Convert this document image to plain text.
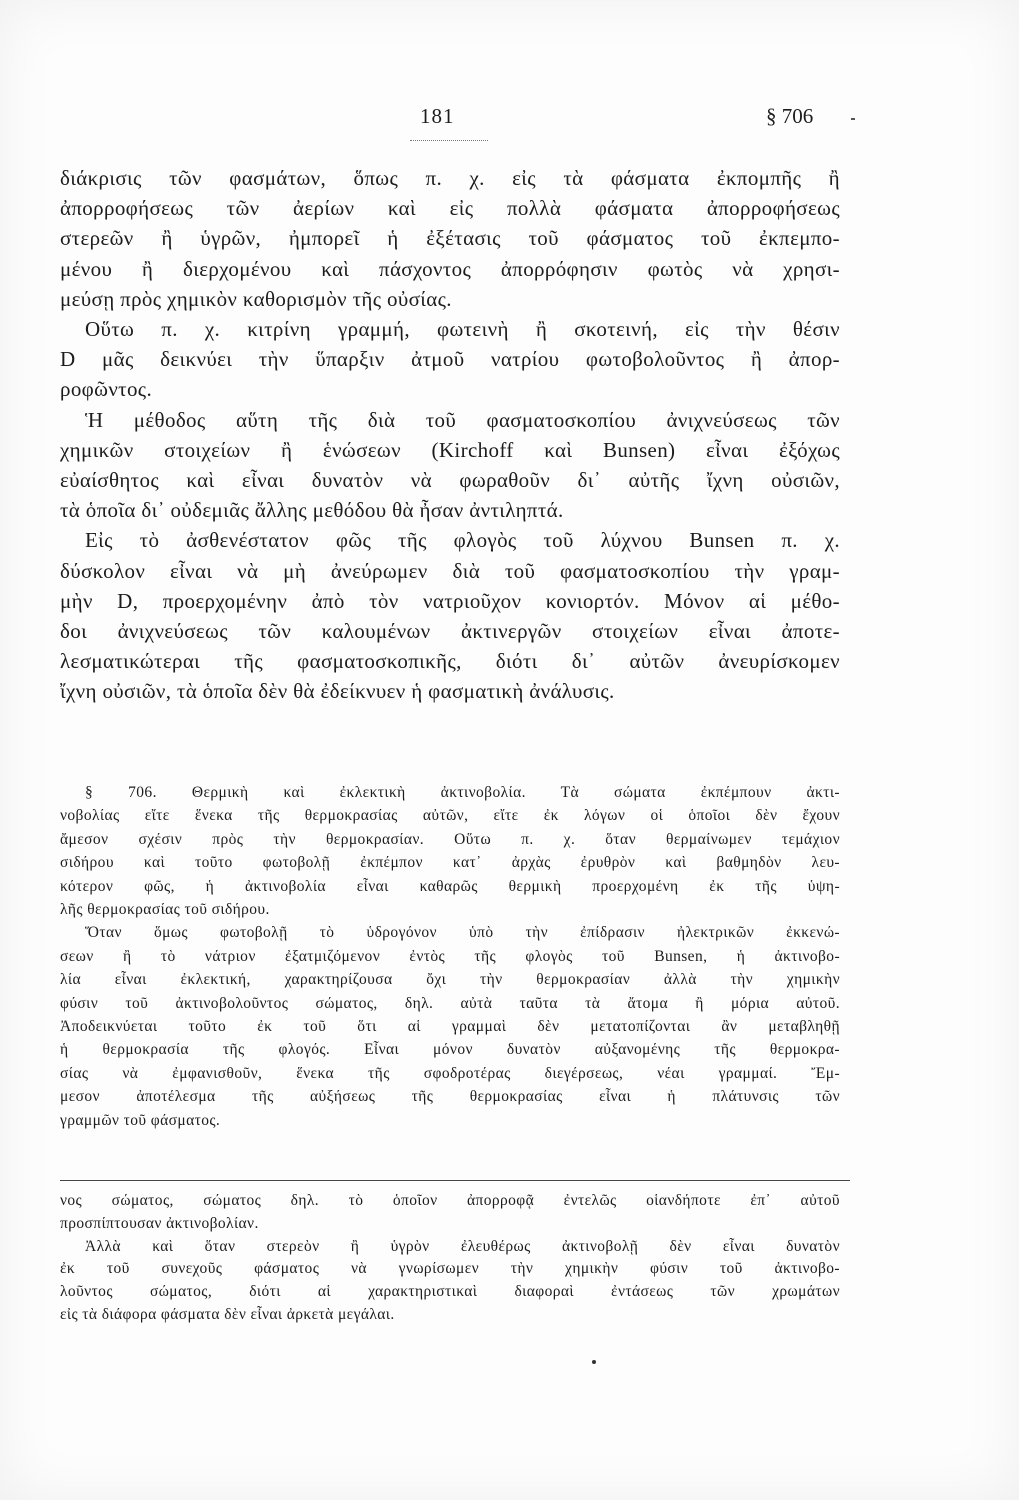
181	§ 706
διάκρισις τῶν φασμάτων, ὅπως π. χ. εἰς τὰ φάσματα ἐκπομπῆς ἢ
ἀπορροφήσεως τῶν ἀερίων καὶ εἰς πολλὰ φάσματα ἀπορροφήσεως
στερεῶν ἢ ὑγρῶν, ἠμπορεῖ ἡ ἐξέτασις τοῦ φάσματος τοῦ ἐκπεμπο-
μένου ἢ διερχομένου καὶ πάσχοντος ἀπορρόφησιν φωτὸς νὰ χρησι-
μεύσῃ πρὸς χημικὸν καθορισμὸν τῆς οὐσίας.
Οὕτω π. χ. κιτρίνη γραμμή, φωτεινὴ ἢ σκοτεινή, εἰς τὴν θέσιν
D μᾶς δεικνύει τὴν ὕπαρξιν ἀτμοῦ νατρίου φωτοβολοῦντος ἢ ἀπορ-
ροφῶντος.
Ἡ μέθοδος αὕτη τῆς διὰ τοῦ φασματοσκοπίου ἀνιχνεύσεως τῶν
χημικῶν στοιχείων ἢ ἑνώσεων (Kirchoff καὶ Bunsen) εἶναι ἐξόχως
εὐαίσθητος καὶ εἶναι δυνατὸν νὰ φωραθοῦν δι᾽ αὐτῆς ἴχνη οὐσιῶν,
τὰ ὁποῖα δι᾽ οὐδεμιᾶς ἄλλης μεθόδου θὰ ἦσαν ἀντιληπτά.
Εἰς τὸ ἀσθενέστατον φῶς τῆς φλογὸς τοῦ λύχνου Bunsen π. χ.
δύσκολον εἶναι νὰ μὴ ἀνεύρωμεν διὰ τοῦ φασματοσκοπίου τὴν γραμ-
μὴν D, προερχομένην ἀπὸ τὸν νατριοῦχον κονιορτόν. Μόνον αἱ μέθο-
δοι ἀνιχνεύσεως τῶν καλουμένων ἀκτινεργῶν στοιχείων εἶναι ἀποτε-
λεσματικώτεραι τῆς φασματοσκοπικῆς, διότι δι᾽ αὐτῶν ἀνευρίσκομεν
ἴχνη οὐσιῶν, τὰ ὁποῖα δὲν θὰ ἐδείκνυεν ἡ φασματικὴ ἀνάλυσις.
§ 706. Θερμικὴ καὶ ἐκλεκτικὴ ἀκτινοβολία. Τὰ σώματα ἐκπέμπουν ἀκτι-
νοβολίας εἴτε ἕνεκα τῆς θερμοκρασίας αὐτῶν, εἴτε ἐκ λόγων οἱ ὁποῖοι δὲν ἔχουν
ἄμεσον σχέσιν πρὸς τὴν θερμοκρασίαν. Οὕτω π. χ. ὅταν θερμαίνωμεν τεμάχιον
σιδήρου καὶ τοῦτο φωτοβολῇ ἐκπέμπον κατ᾽ ἀρχὰς ἐρυθρὸν καὶ βαθμηδὸν λευ-
κότερον φῶς, ἡ ἀκτινοβολία εἶναι καθαρῶς θερμικὴ προερχομένη ἐκ τῆς ὑψη-
λῆς θερμοκρασίας τοῦ σιδήρου.
Ὅταν ὅμως φωτοβολῇ τὸ ὑδρογόνον ὑπὸ τὴν ἐπίδρασιν ἠλεκτρικῶν ἐκκενώ-
σεων ἢ τὸ νάτριον ἐξατμιζόμενον ἐντὸς τῆς φλογὸς τοῦ Bunsen, ἡ ἀκτινοβο-
λία εἶναι ἐκλεκτική, χαρακτηρίζουσα ὄχι τὴν θερμοκρασίαν ἀλλὰ τὴν χημικὴν
φύσιν τοῦ ἀκτινοβολοῦντος σώματος, δηλ. αὐτὰ ταῦτα τὰ ἄτομα ἢ μόρια αὐτοῦ.
Ἀποδεικνύεται τοῦτο ἐκ τοῦ ὅτι αἱ γραμμαὶ δὲν μετατοπίζονται ἂν μεταβληθῇ
ἡ θερμοκρασία τῆς φλογός. Εἶναι μόνον δυνατὸν αὐξανομένης τῆς θερμοκρα-
σίας νὰ ἐμφανισθοῦν, ἕνεκα τῆς σφοδροτέρας διεγέρσεως, νέαι γραμμαί. Ἔμ-
μεσον ἀποτέλεσμα τῆς αὐξήσεως τῆς θερμοκρασίας εἶναι ἡ πλάτυνσις τῶν
γραμμῶν τοῦ φάσματος.
νος σώματος, σώματος δηλ. τὸ ὁποῖον ἀπορροφᾷ ἐντελῶς οἱανδήποτε ἐπ᾽ αὐτοῦ
προσπίπτουσαν ἀκτινοβολίαν.
Ἀλλὰ καὶ ὅταν στερεὸν ἢ ὑγρὸν ἐλευθέρως ἀκτινοβολῇ δὲν εἶναι δυνατὸν
ἐκ τοῦ συνεχοῦς φάσματος νὰ γνωρίσωμεν τὴν χημικὴν φύσιν τοῦ ἀκτινοβο-
λοῦντος σώματος, διότι αἱ χαρακτηριστικαὶ διαφοραὶ ἐντάσεως τῶν χρωμάτων
εἰς τὰ διάφορα φάσματα δὲν εἶναι ἀρκετὰ μεγάλαι.
